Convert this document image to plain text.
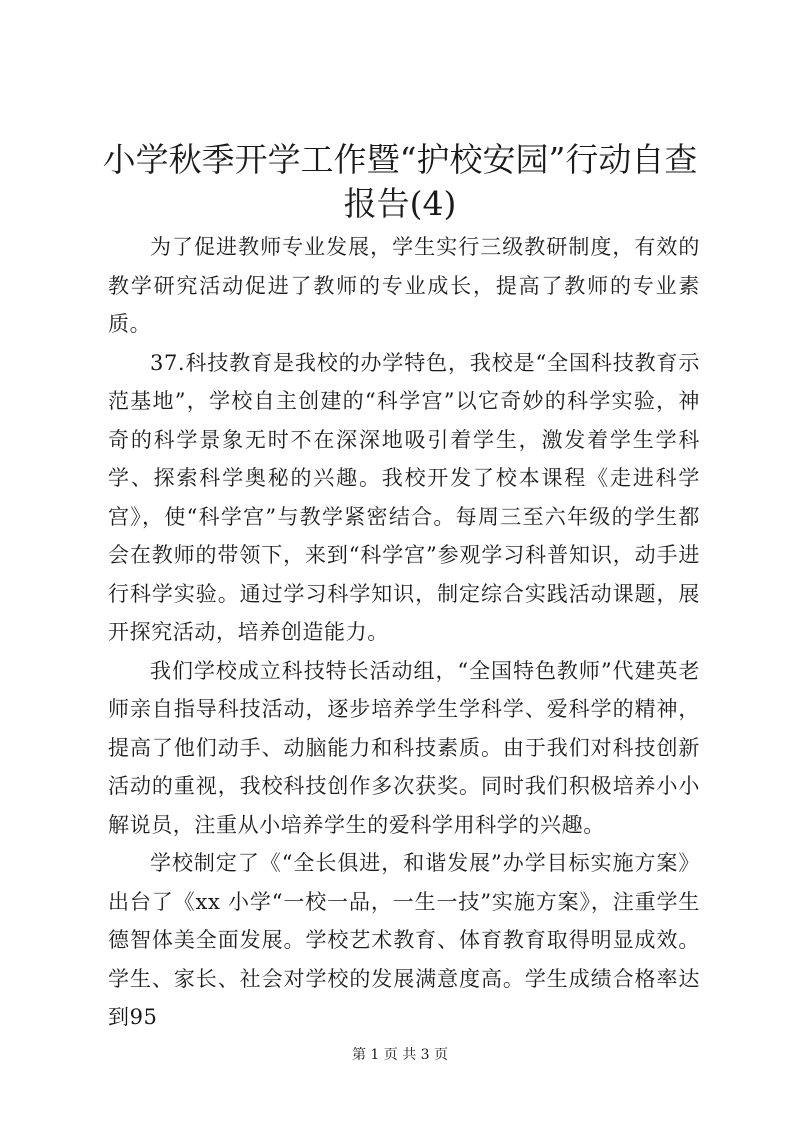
小学秋季开学工作暨“护校安园”行动自查报告(4)

为了促进教师专业发展，学生实行三级教研制度，有效的教学研究活动促进了教师的专业成长，提高了教师的专业素质。

37.科技教育是我校的办学特色，我校是“全国科技教育示范基地”，学校自主创建的“科学宫”以它奇妙的科学实验，神奇的科学景象无时不在深深地吸引着学生，激发着学生学科学、探索科学奥秘的兴趣。我校开发了校本课程《走进科学宫》，使“科学宫”与教学紧密结合。每周三至六年级的学生都会在教师的带领下，来到“科学宫”参观学习科普知识，动手进行科学实验。通过学习科学知识，制定综合实践活动课题，展开探究活动，培养创造能力。

我们学校成立科技特长活动组，“全国特色教师”代建英老师亲自指导科技活动，逐步培养学生学科学、爱科学的精神，提高了他们动手、动脑能力和科技素质。由于我们对科技创新活动的重视，我校科技创作多次获奖。同时我们积极培养小小解说员，注重从小培养学生的爱科学用科学的兴趣。

学校制定了《“全长俱进，和谐发展”办学目标实施方案》出台了《xx 小学“一校一品，一生一技”实施方案》，注重学生德智体美全面发展。学校艺术教育、体育教育取得明显成效。学生、家长、社会对学校的发展满意度高。学生成绩合格率达到95

第 1 页 共 3 页
